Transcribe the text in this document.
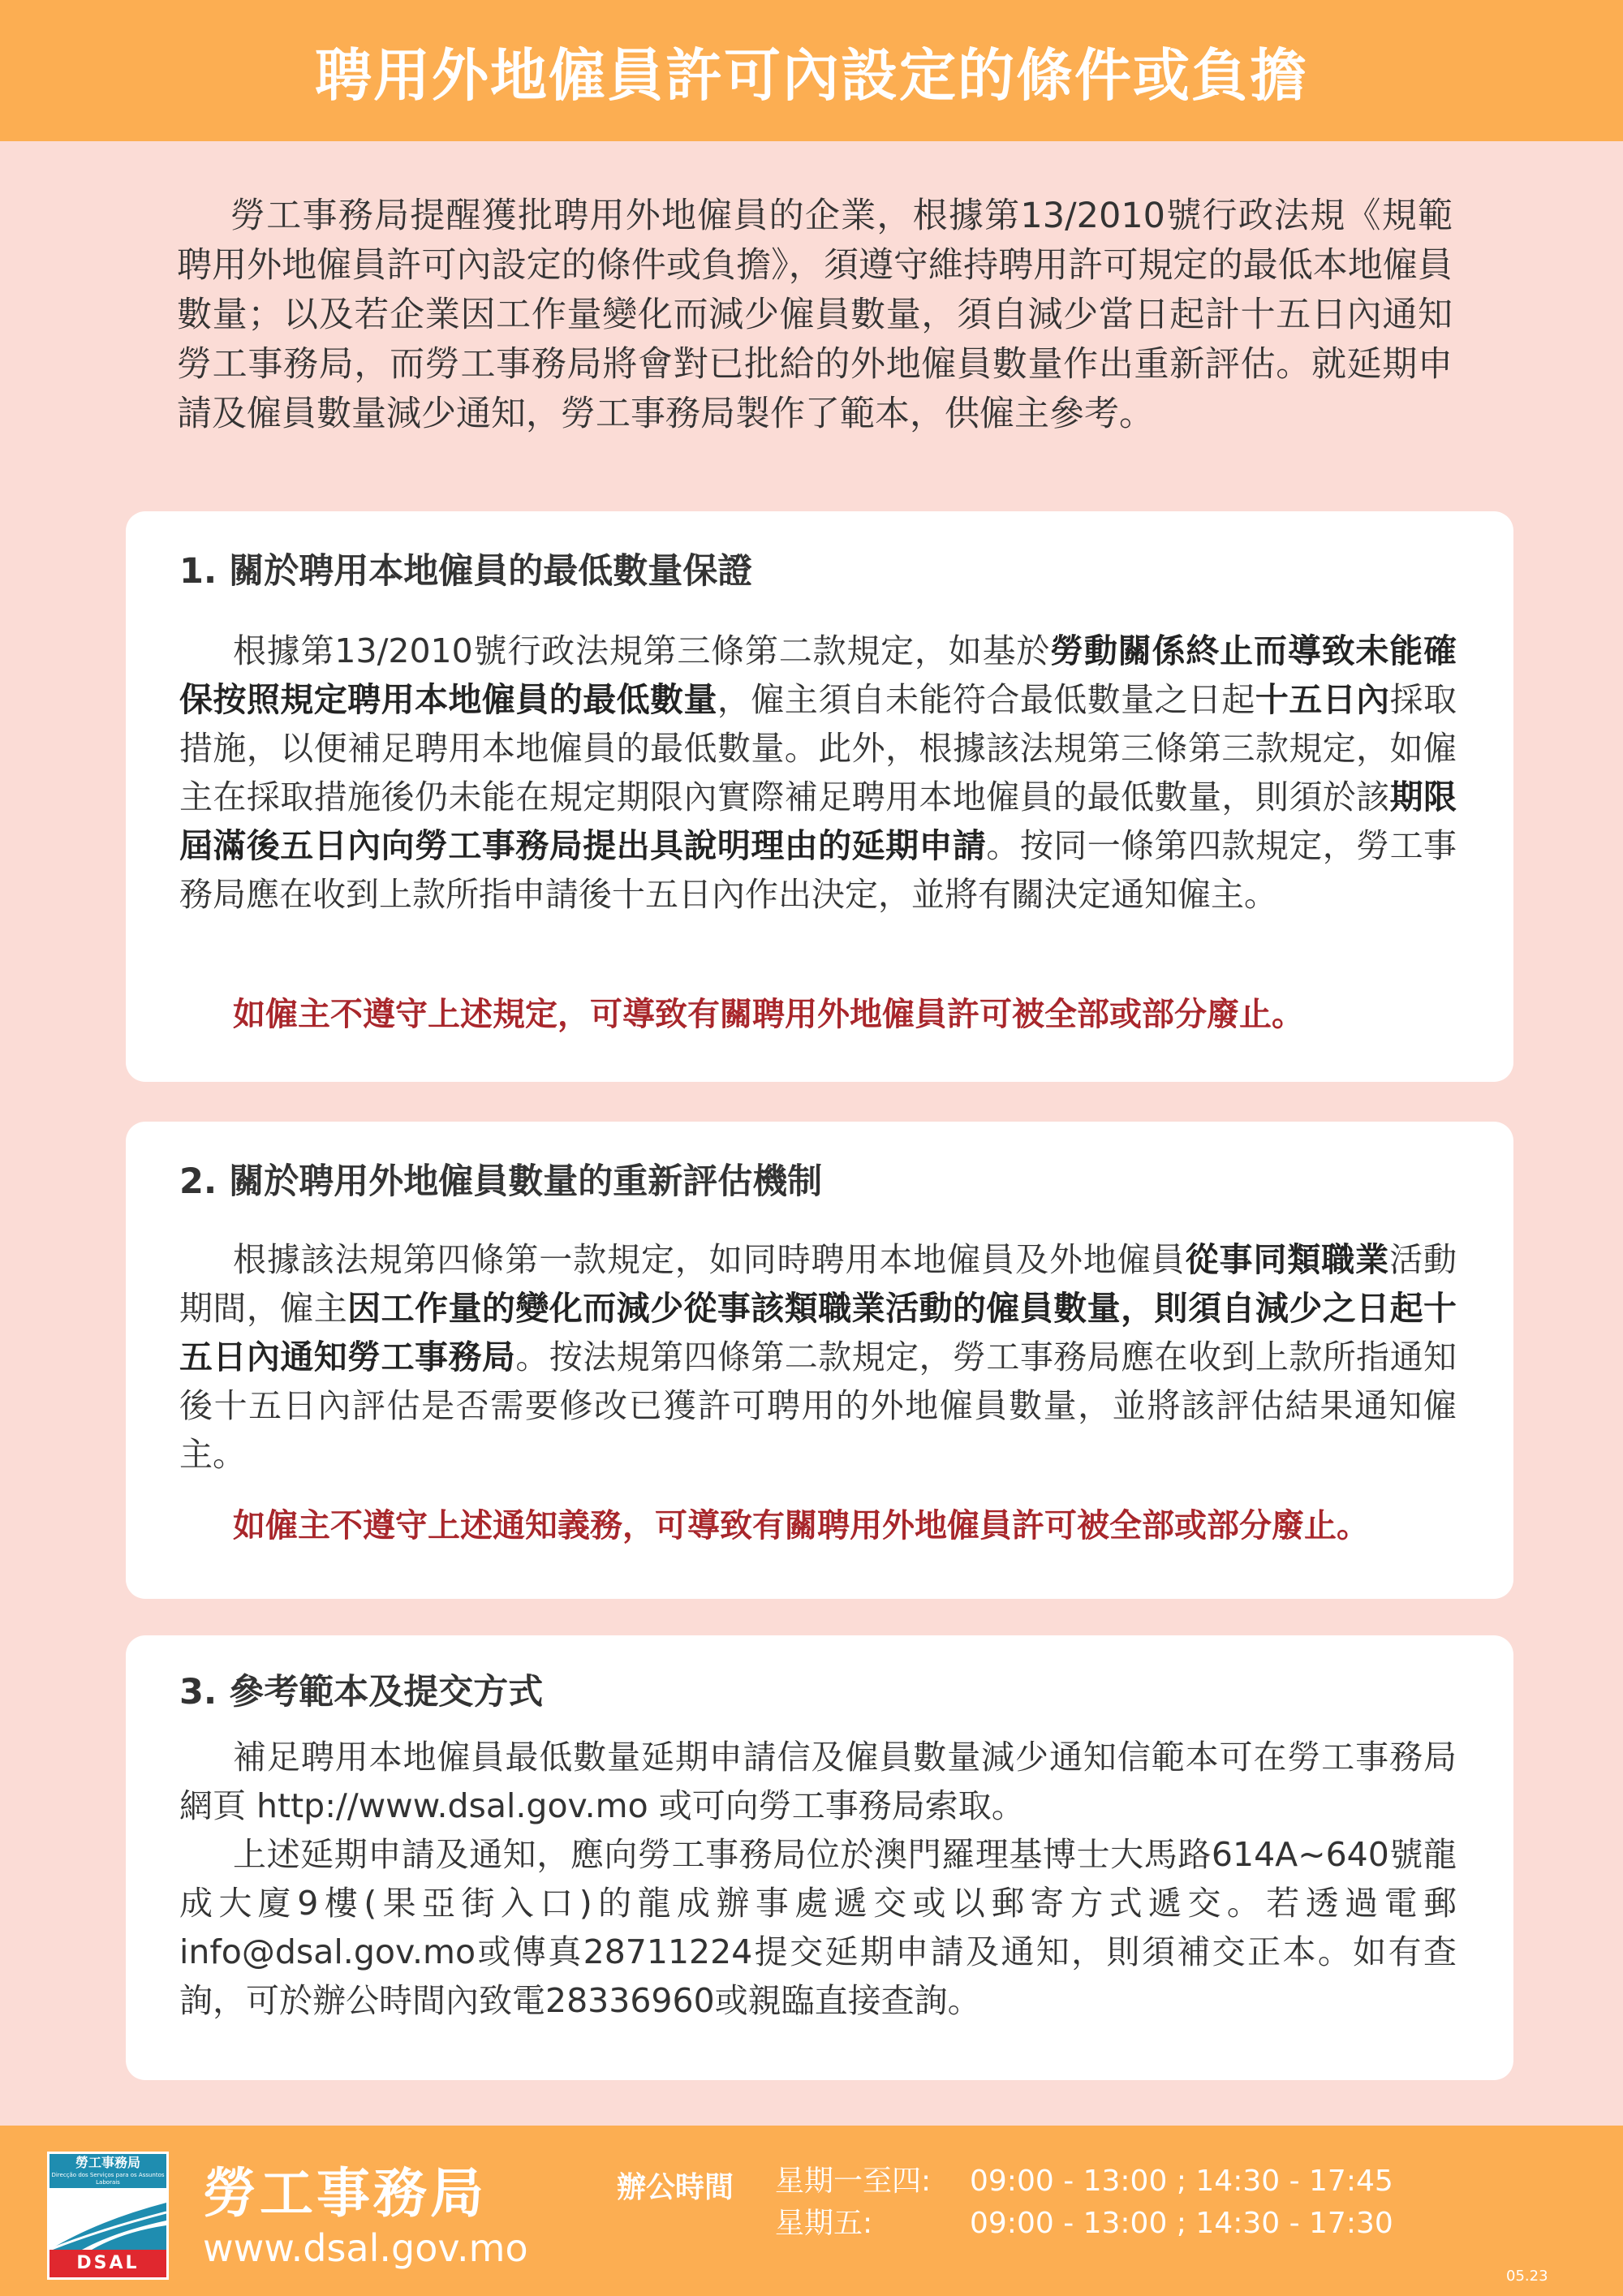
聘用外地僱員許可內設定的條件或負擔

勞工事務局提醒獲批聘用外地僱員的企業，根據第13/2010號行政法規《規範聘用外地僱員許可內設定的條件或負擔》，須遵守維持聘用許可規定的最低本地僱員數量；以及若企業因工作量變化而減少僱員數量，須自減少當日起計十五日內通知勞工事務局，而勞工事務局將會對已批給的外地僱員數量作出重新評估。就延期申請及僱員數量減少通知，勞工事務局製作了範本，供僱主參考。

1. 關於聘用本地僱員的最低數量保證

根據第13/2010號行政法規第三條第二款規定，如基於勞動關係終止而導致未能確保按照規定聘用本地僱員的最低數量，僱主須自未能符合最低數量之日起十五日內採取措施，以便補足聘用本地僱員的最低數量。此外，根據該法規第三條第三款規定，如僱主在採取措施後仍未能在規定期限內實際補足聘用本地僱員的最低數量，則須於該期限屆滿後五日內向勞工事務局提出具說明理由的延期申請。按同一條第四款規定，勞工事務局應在收到上款所指申請後十五日內作出決定，並將有關決定通知僱主。

如僱主不遵守上述規定，可導致有關聘用外地僱員許可被全部或部分廢止。

2. 關於聘用外地僱員數量的重新評估機制

根據該法規第四條第一款規定，如同時聘用本地僱員及外地僱員從事同類職業活動期間，僱主因工作量的變化而減少從事該類職業活動的僱員數量，則須自減少之日起十五日內通知勞工事務局。按法規第四條第二款規定，勞工事務局應在收到上款所指通知後十五日內評估是否需要修改已獲許可聘用的外地僱員數量，並將該評估結果通知僱主。

如僱主不遵守上述通知義務，可導致有關聘用外地僱員許可被全部或部分廢止。

3. 參考範本及提交方式

補足聘用本地僱員最低數量延期申請信及僱員數量減少通知信範本可在勞工事務局網頁 http://www.dsal.gov.mo 或可向勞工事務局索取。

上述延期申請及通知，應向勞工事務局位於澳門羅理基博士大馬路614A~640號龍成大廈9樓(果亞街入口)的龍成辦事處遞交或以郵寄方式遞交。若透過電郵info@dsal.gov.mo或傳真28711224提交延期申請及通知，則須補交正本。如有查詢，可於辦公時間內致電28336960或親臨直接查詢。

勞工事務局
Direcção dos Serviços para os Assuntos Laborais
DSAL
勞工事務局
www.dsal.gov.mo
辦公時間 星期一至四: 09:00 - 13:00 ; 14:30 - 17:45
星期五:	09:00 - 13:00 ; 14:30 - 17:30
05.23
